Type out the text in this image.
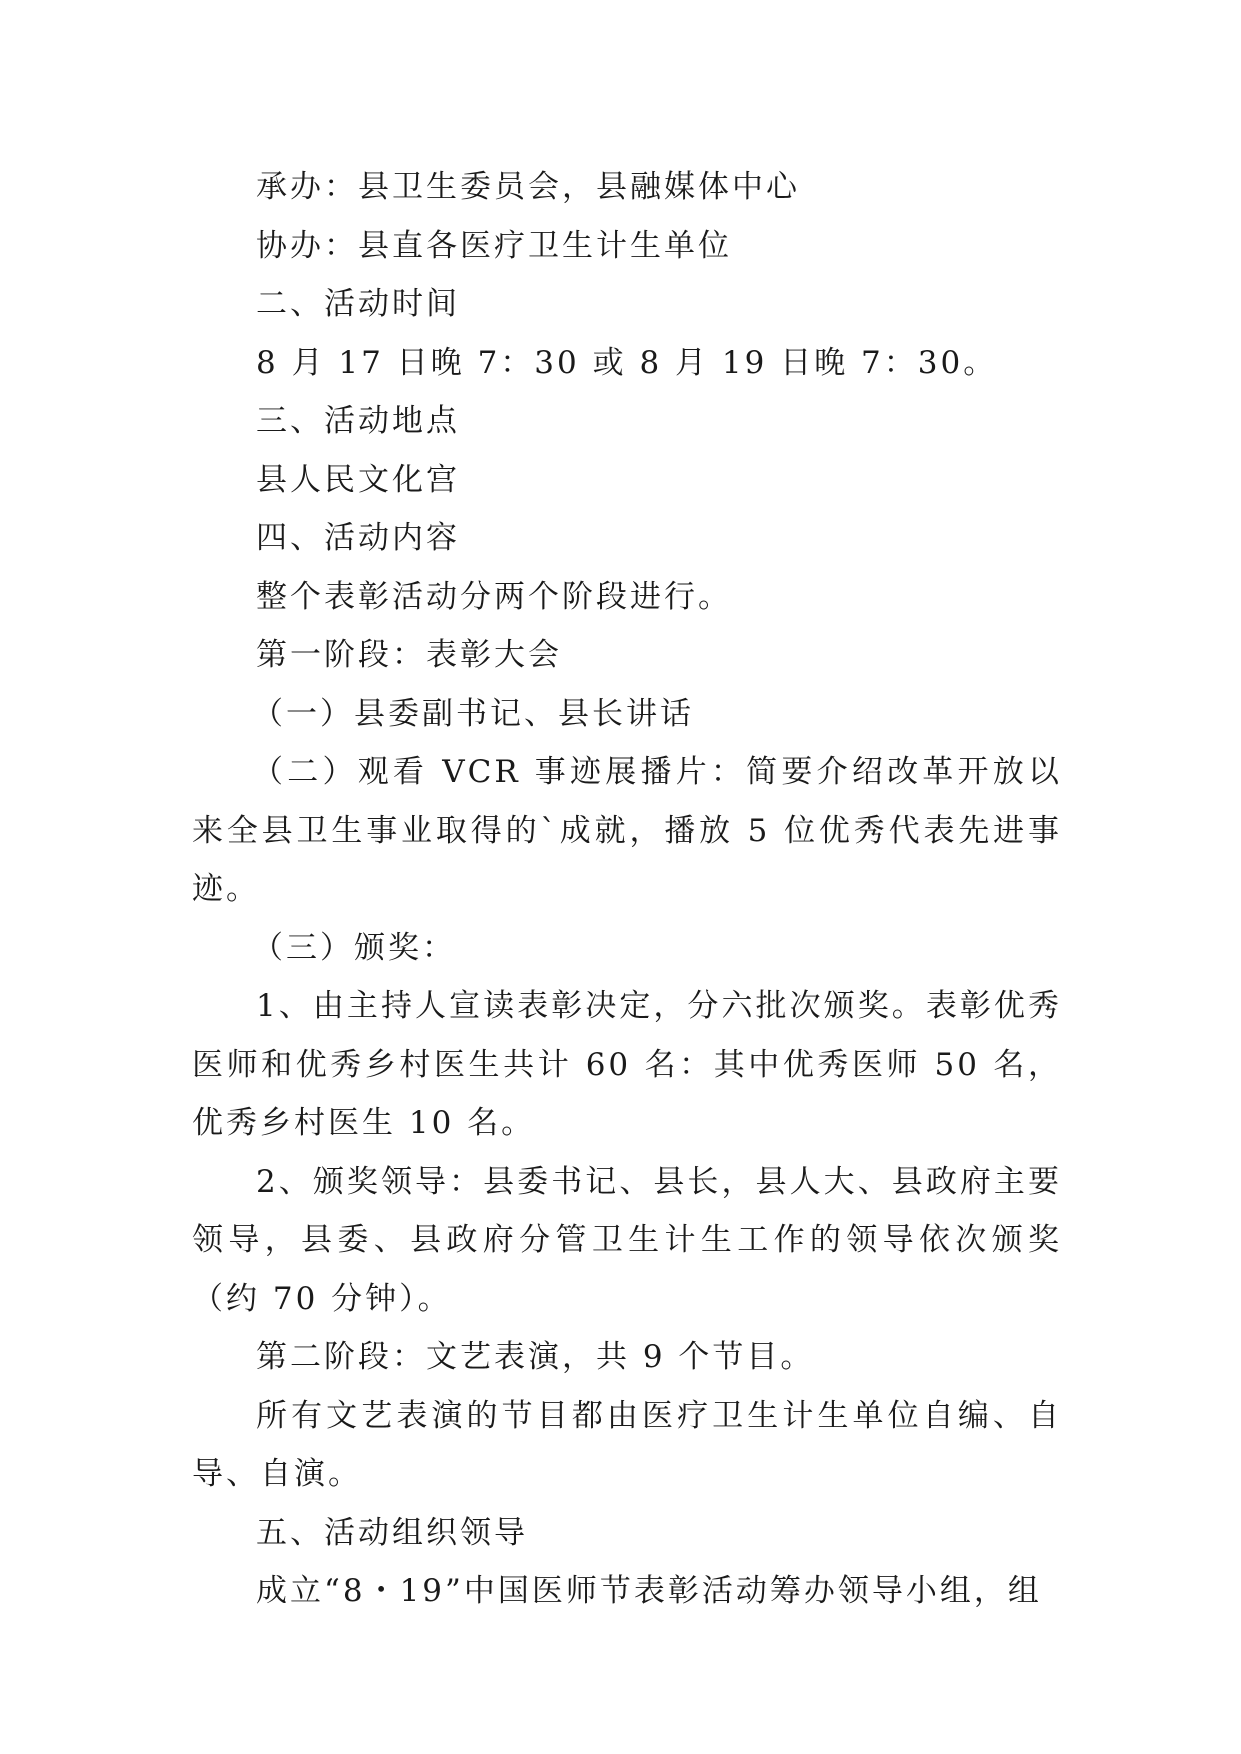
承办：县卫生委员会，县融媒体中心

协办：县直各医疗卫生计生单位

二、活动时间

8 月 17 日晚 7：30 或 8 月 19 日晚 7：30。

三、活动地点

县人民文化宫

四、活动内容

整个表彰活动分两个阶段进行。

第一阶段：表彰大会

（一）县委副书记、县长讲话

（二）观看 VCR 事迹展播片：简要介绍改革开放以来全县卫生事业取得的`成就，播放 5 位优秀代表先进事迹。

（三）颁奖：

1、由主持人宣读表彰决定，分六批次颁奖。表彰优秀医师和优秀乡村医生共计 60 名：其中优秀医师 50 名，优秀乡村医生 10 名。

2、颁奖领导：县委书记、县长，县人大、县政府主要领导，县委、县政府分管卫生计生工作的领导依次颁奖（约 70 分钟）。

第二阶段：文艺表演，共 9 个节目。

所有文艺表演的节目都由医疗卫生计生单位自编、自导、自演。

五、活动组织领导

成立“8・19”中国医师节表彰活动筹办领导小组，组
